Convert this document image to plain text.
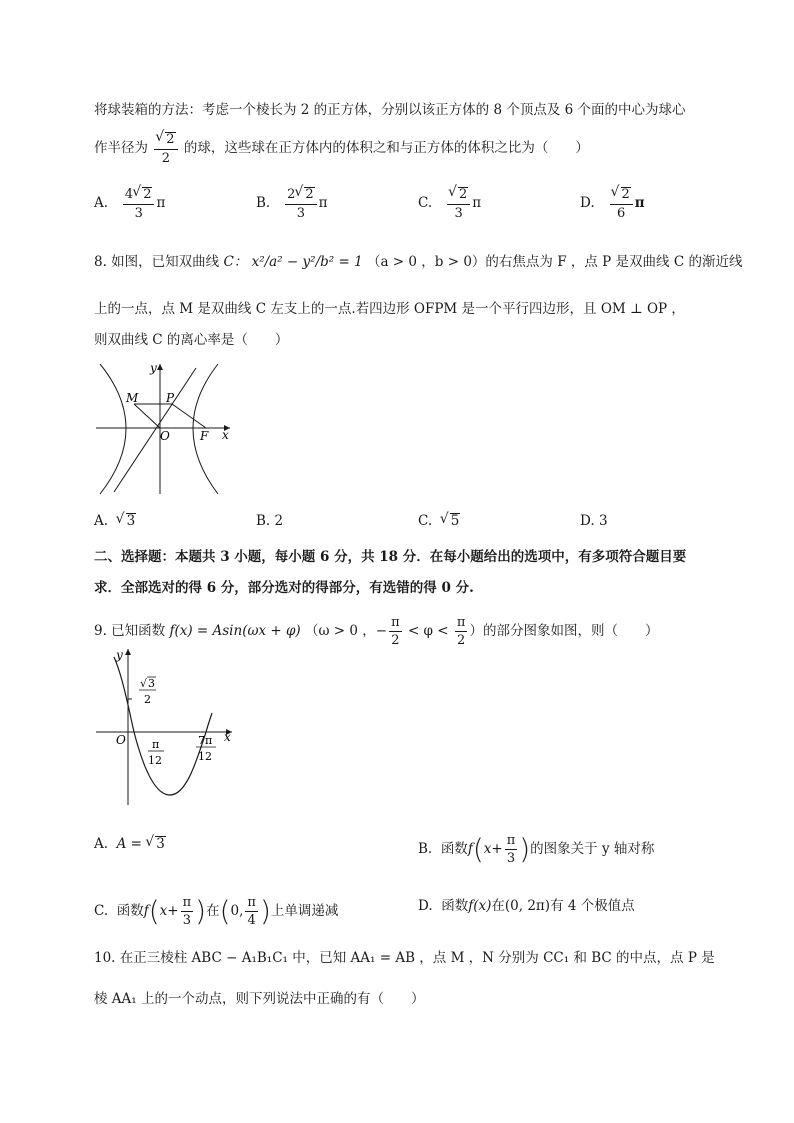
将球装箱的方法：考虑一个棱长为 2 的正方体，分别以该正方体的 8 个顶点及 6 个面的中心为球心
作半径为 √ $\frac{2}{2}$ 的球，这些球在正方体内的体积之和与正方体的体积之比为（　　）
A. $\frac{4 √ 2}{3}$ π	B. $\frac{2 √ 2}{3}$ π	C. √ $\frac{2}{3}$ π	D. √ $\frac{2}{6}$ π
8. 如图，已知双曲线 C： x²/a² − y²/b² = 1 （a > 0 ，b > 0）的右焦点为 F ，点 P 是双曲线 C 的渐近线
上的一点，点 M 是双曲线 C 左支上的一点.若四边形 OFPM 是一个平行四边形，且 OM ⊥ OP ，
则双曲线 C 的离心率是（　　）
y
x
M P
O	F
A. √ 3	B. 2	C. √ 5	D. 3
二、选择题：本题共 3 小题，每小题 6 分，共 18 分．在每小题给出的选项中，有多项符合题目要
求．全部选对的得 6 分，部分选对的得部分，有选错的得 0 分.
9. 已知函数 f(x) = Asin(ωx + φ) （ω > 0 ，− $\frac{\pi}{2} < \varphi < \frac{\pi}{2}$ ）的部分图象如图，则（　　）
y
x
O
√ 3
2
π
12
7π
12
A. A = √ 3	B. 函数$f(x+ \frac{\pi}{3}$ )的图象关于 y 轴对称
C. 函数$f(x+ \frac{\pi}{3}$ )在(0, $\frac{\pi}{4}$ )上单调递减	D. 函数f(x)在(0, 2π)有 4 个极值点
10. 在正三棱柱 ABC − A₁B₁C₁ 中，已知 AA₁ = AB ，点 M ，N 分别为 CC₁ 和 BC 的中点，点 P 是
棱 AA₁ 上的一个动点，则下列说法中正确的有（　　）
